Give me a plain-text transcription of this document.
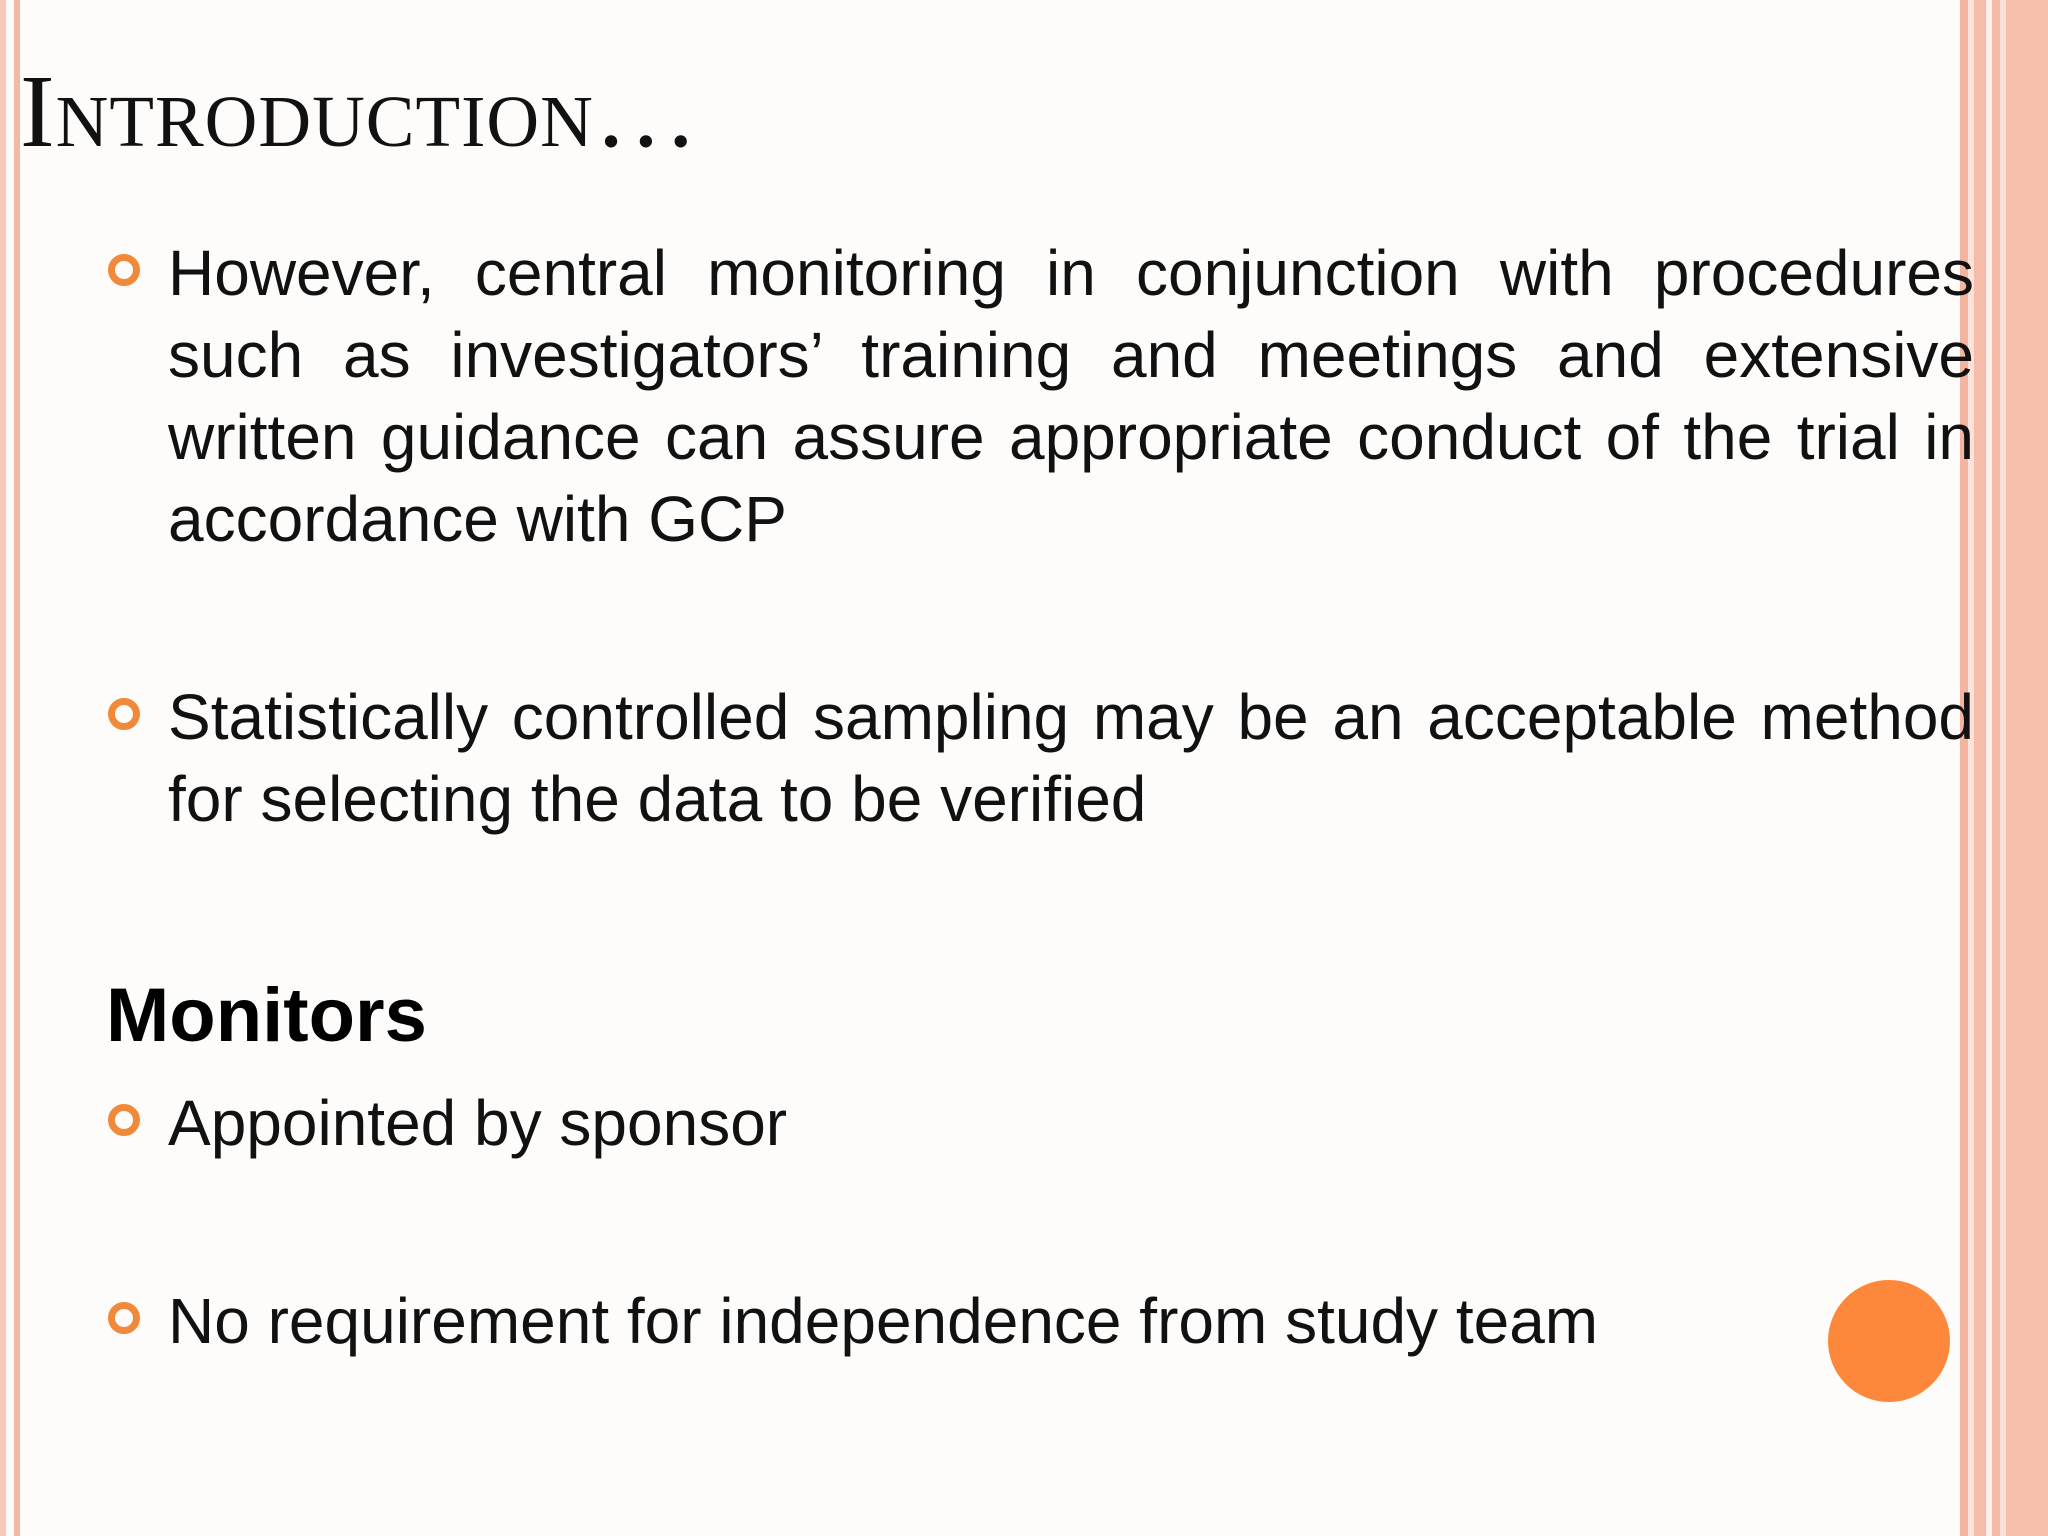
Introduction…
However, central monitoring in conjunction with procedures such as investigators’ training and meetings and extensive written guidance can assure appropriate conduct of the trial in accordance with GCP
Statistically controlled sampling may be an acceptable method for selecting the data to be verified
Monitors
Appointed by sponsor
No requirement for independence from study team
